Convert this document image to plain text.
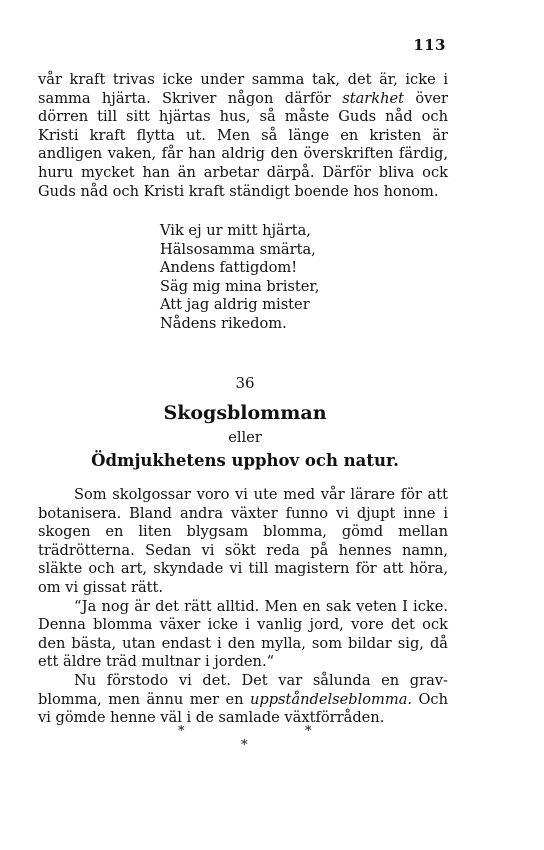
113

vår kraft trivas icke under samma tak, det är, icke i samma hjärta. Skriver någon därför starkhet över dörren till sitt hjärtas hus, så måste Guds nåd och Kristi kraft flytta ut. Men så länge en kristen är andligen vaken, får han aldrig den överskriften färdig, huru mycket han än arbetar därpå. Därför bliva ock Guds nåd och Kristi kraft ständigt boende hos honom.

Vik ej ur mitt hjärta,
Hälsosamma smärta,
Andens fattigdom!
Säg mig mina brister,
Att jag aldrig mister
Nådens rikedom.
36
Skogsblomman
eller
Ödmjukhetens upphov och natur.

Som skolgossar voro vi ute med vår lärare för att botanisera. Bland andra växter funno vi djupt inne i skogen en liten blygsam blomma, gömd mellan trädrötterna. Sedan vi sökt reda på hennes namn, släkte och art, skyndade vi till magistern för att höra, om vi gissat rätt.

“Ja nog är det rätt alltid. Men en sak veten I icke. Denna blomma växer icke i vanlig jord, vore det ock den bästa, utan endast i den mylla, som bildar sig, då ett äldre träd multnar i jorden.“

Nu förstodo vi det. Det var sålunda en grav-blomma, men ännu mer en uppståndelseblomma. Och vi gömde henne väl i de samlade växtförråden.

*
*
*
